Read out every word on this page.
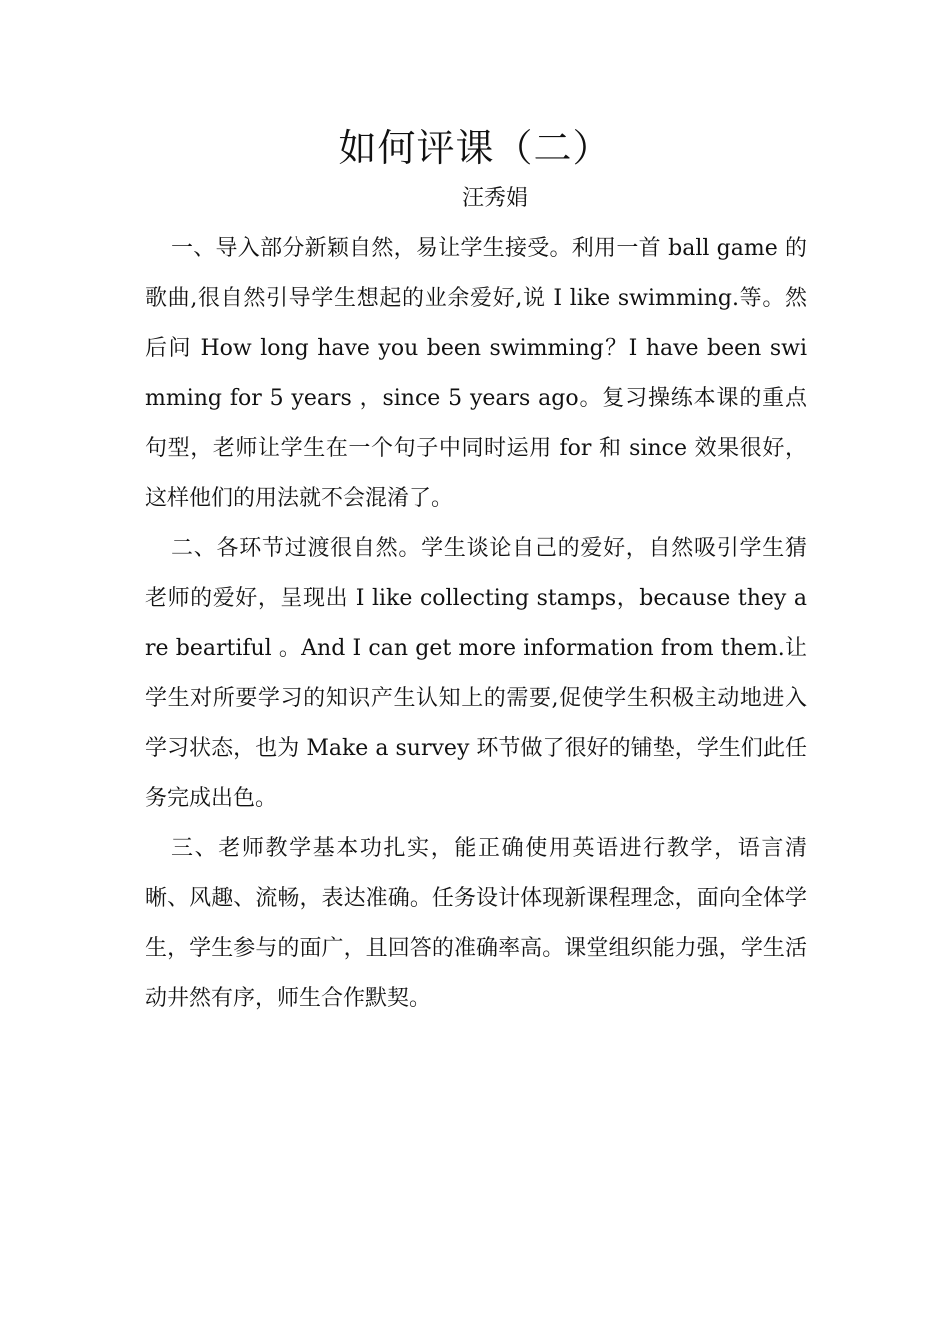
如何评课（二）

汪秀娟

一、导入部分新颖自然，易让学生接受。利用一首 ball game 的歌曲,很自然引导学生想起的业余爱好,说 I like swimming.等。然后问 How long have you been swimming？I have been swimming for 5 years ，since 5 years ago。复习操练本课的重点句型，老师让学生在一个句子中同时运用 for 和 since 效果很好，这样他们的用法就不会混淆了。

二、各环节过渡很自然。学生谈论自己的爱好，自然吸引学生猜老师的爱好，呈现出 I like collecting stamps，because they are beartiful 。And I can get more information from them.让学生对所要学习的知识产生认知上的需要,促使学生积极主动地进入学习状态，也为 Make a survey 环节做了很好的铺垫，学生们此任务完成出色。

三、老师教学基本功扎实，能正确使用英语进行教学，语言清晰、风趣、流畅，表达准确。任务设计体现新课程理念，面向全体学生，学生参与的面广，且回答的准确率高。课堂组织能力强，学生活动井然有序，师生合作默契。
